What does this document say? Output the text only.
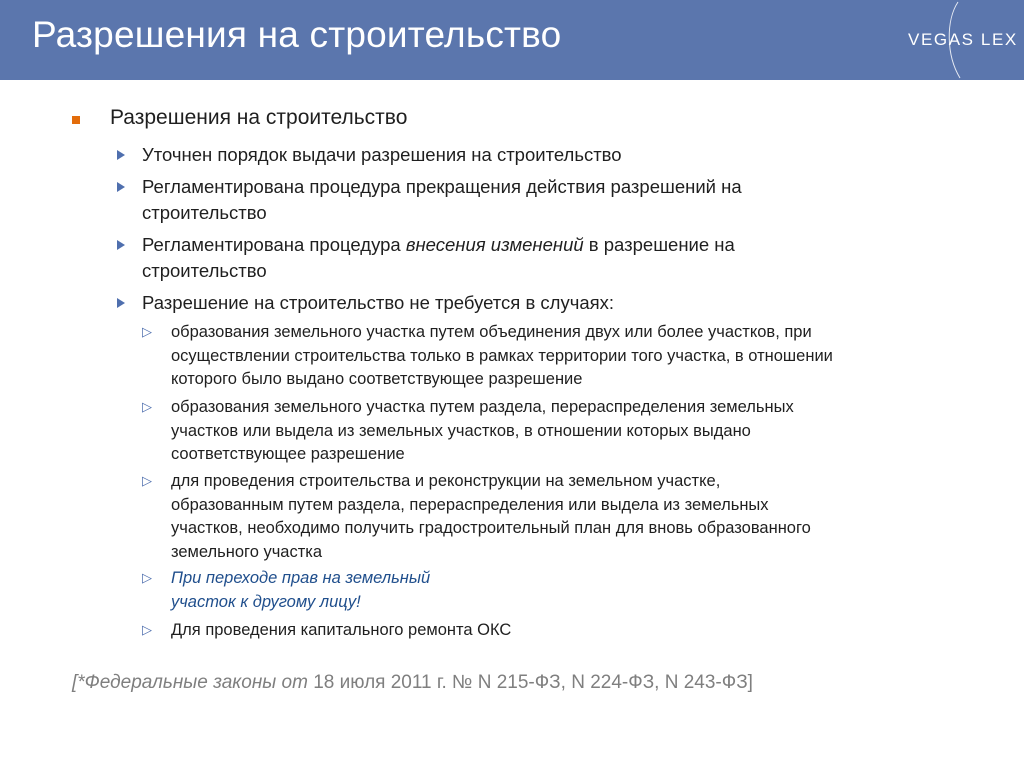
Разрешения на строительство	VEGAS LEX
Разрешения на строительство
Уточнен порядок выдачи разрешения на строительство
Регламентирована процедура прекращения действия разрешений на
строительство
Регламентирована процедура внесения изменений в разрешение на
строительство
Разрешение на строительство не требуется в случаях:
▷ образования земельного участка путем объединения двух или более участков, при
осуществлении строительства только в рамках территории того участка, в отношении
которого было выдано соответствующее разрешение
▷ образования земельного участка путем раздела, перераспределения земельных
участков или выдела из земельных участков, в отношении которых выдано
соответствующее разрешение
▷ для проведения строительства и реконструкции на земельном участке,
образованным путем раздела, перераспределения или выдела из земельных
участков, необходимо получить градостроительный план для вновь образованного
земельного участка
▷ При переходе прав на земельный
участок к другому лицу!
▷ Для проведения капитального ремонта ОКС
[*Федеральные законы от 18 июля 2011 г. № N 215-ФЗ, N 224-ФЗ, N 243-ФЗ]
